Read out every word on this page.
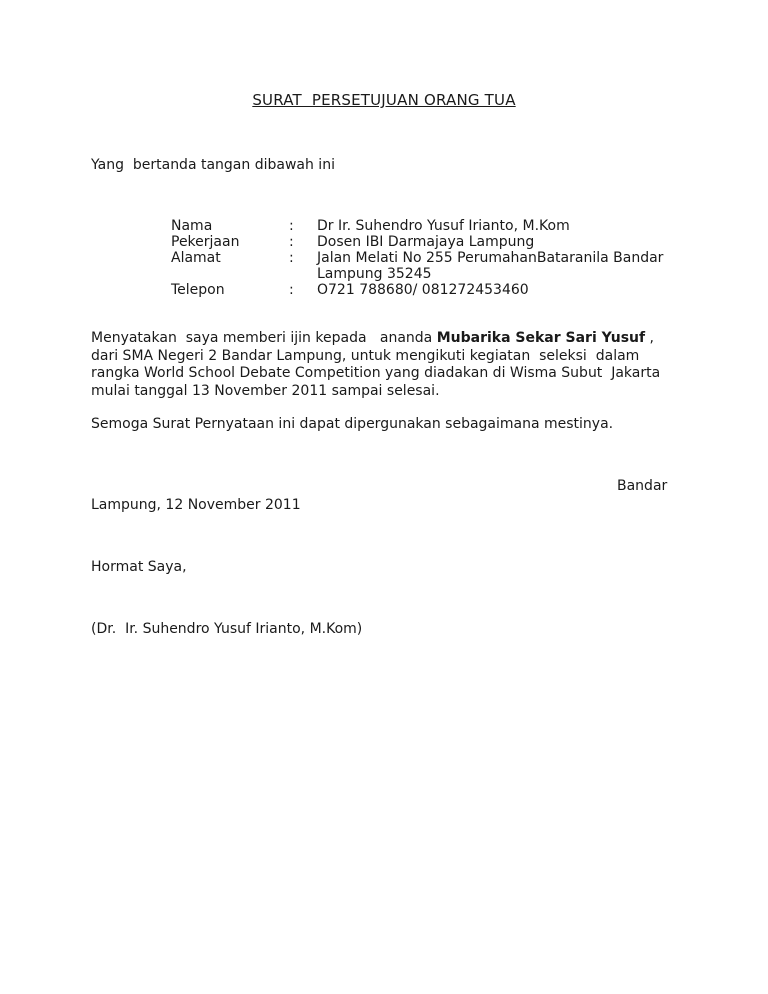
SURAT  PERSETUJUAN ORANG TUA
Yang  bertanda tangan dibawah ini
Nama	:	Dr Ir. Suhendro Yusuf Irianto, M.Kom
Pekerjaan	:	Dosen IBI Darmajaya Lampung
Alamat	:	Jalan Melati No 255 PerumahanBataranila Bandar Lampung 35245
Telepon	:	O721 788680/ 081272453460
Menyatakan  saya memberi ijin kepada   ananda Mubarika Sekar Sari Yusuf ,
dari SMA Negeri 2 Bandar Lampung, untuk mengikuti kegiatan  seleksi  dalam
rangka World School Debate Competition yang diadakan di Wisma Subut  Jakarta
mulai tanggal 13 November 2011 sampai selesai.
Semoga Surat Pernyataan ini dapat dipergunakan sebagaimana mestinya.
Bandar
Lampung, 12 November 2011
Hormat Saya,
(Dr.  Ir. Suhendro Yusuf Irianto, M.Kom)
